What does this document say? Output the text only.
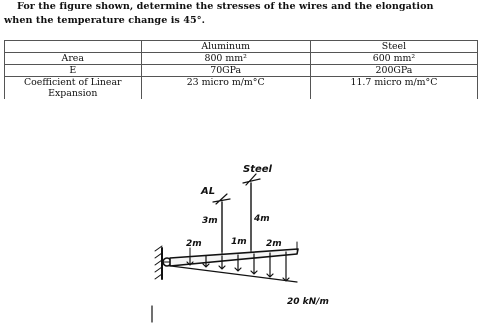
For the figure shown, determine the stresses of the wires and the elongation
when the temperature change is 45°.
	Aluminum	Steel
Area	800 mm²	600 mm²
E	70GPa	200GPa
Coefficient of Linear
Expansion	23 micro m/m°C	11.7 micro m/m°C
Steel
AL
3m	4m
2m	1m 2m
20 kN/m
